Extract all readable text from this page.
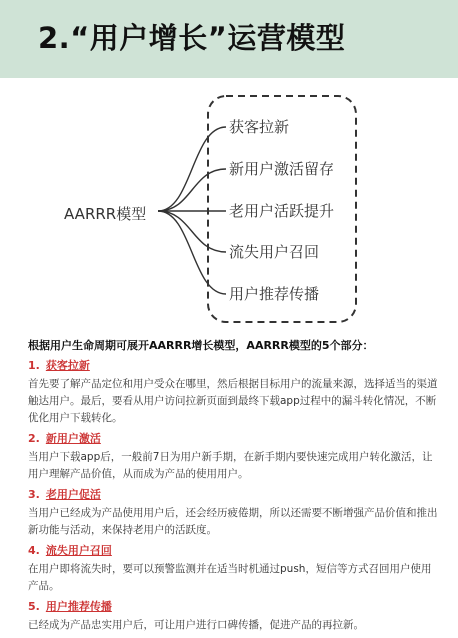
2.“用户增长”运营模型
AARRR模型
获客拉新
新用户激活留存
老用户活跃提升
流失用户召回
用户推荐传播

根据用户生命周期可展开AARRR增长模型，AARRR模型的5个部分：

1. 获客拉新

首先要了解产品定位和用户受众在哪里，然后根据目标用户的流量来源，选择适当的渠道触达用户。最后，要看从用户访问拉新页面到最终下载app过程中的漏斗转化情况，不断优化用户下载转化。

2. 新用户激活

当用户下载app后，一般前7日为用户新手期，在新手期内要快速完成用户转化激活，让用户理解产品价值，从而成为产品的使用用户。

3. 老用户促活

当用户已经成为产品使用用户后，还会经历疲倦期，所以还需要不断增强产品价值和推出新功能与活动，来保持老用户的活跃度。

4. 流失用户召回

在用户即将流失时，要可以预警监测并在适当时机通过push，短信等方式召回用户使用产品。

5. 用户推荐传播

已经成为产品忠实用户后，可让用户进行口碑传播，促进产品的再拉新。
